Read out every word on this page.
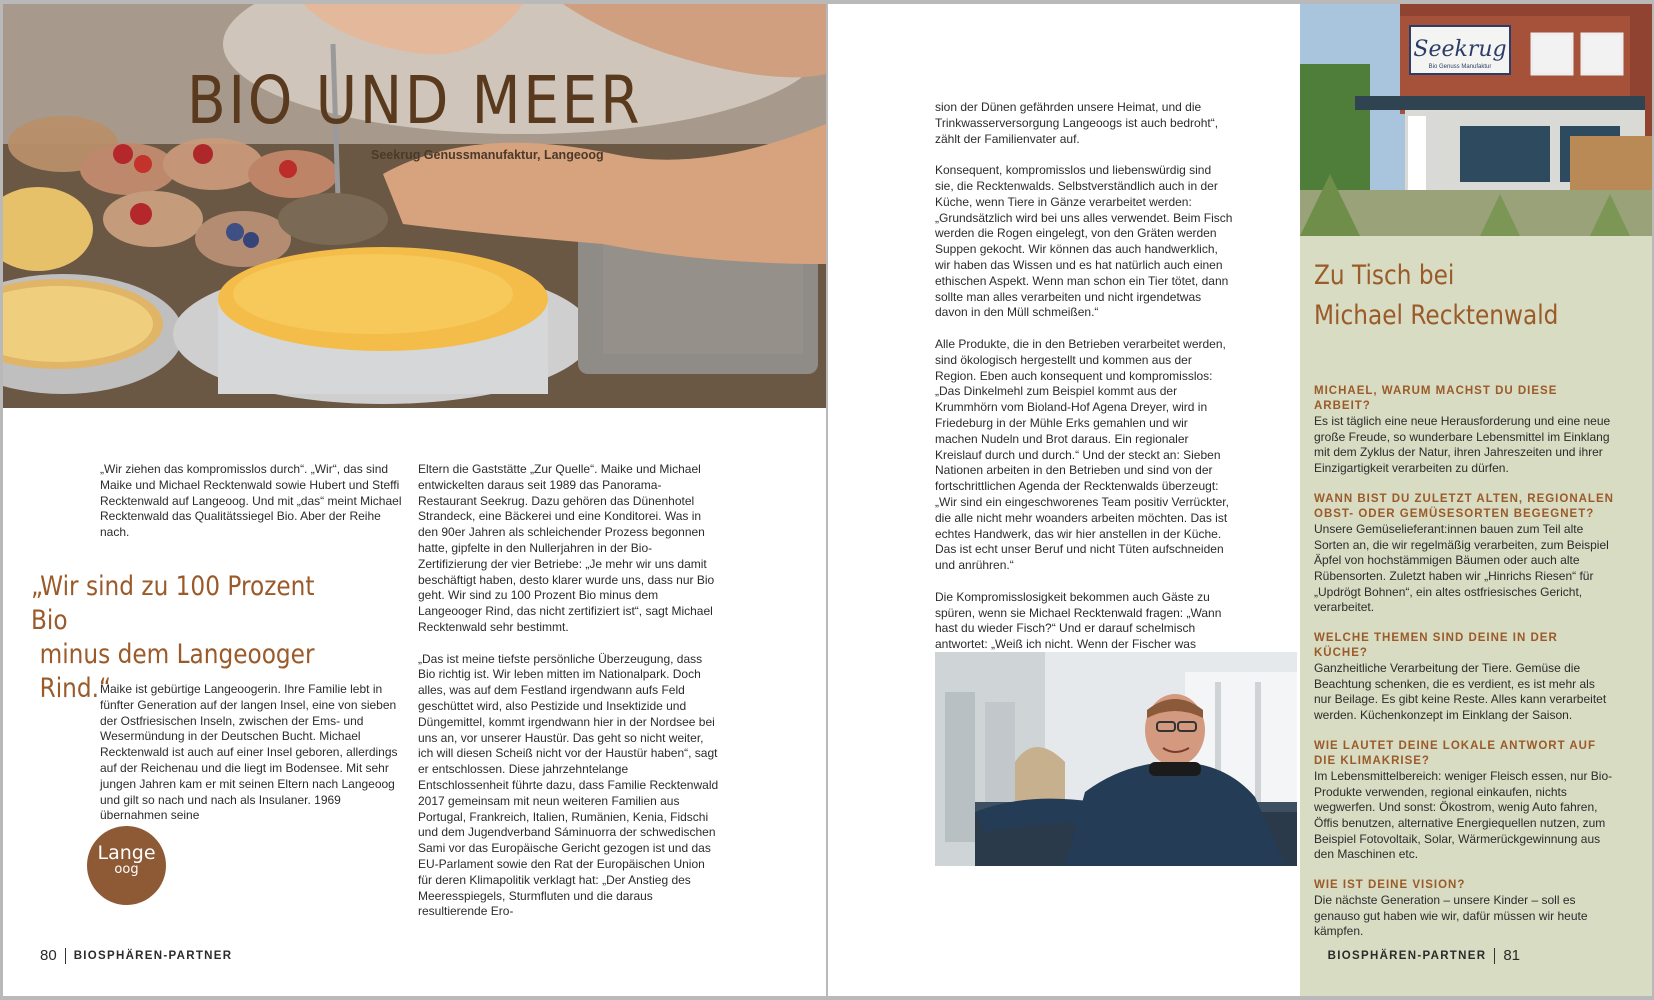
BIO UND MEER
Seekrug Genussmanufaktur, Langeoog

„Wir ziehen das kompromisslos durch“. „Wir“, das sind Maike und Michael Recktenwald sowie Hubert und Steffi Recktenwald auf Langeoog. Und mit „das“ meint Michael Recktenwald das Qualitätssiegel Bio. Aber der Reihe nach.

„Wir sind zu 100 Prozent Bio
minus dem Langeooger Rind.“

Maike ist gebürtige Langeoogerin. Ihre Familie lebt in fünfter Generation auf der langen Insel, eine von sieben der Ostfriesischen Inseln, zwischen der Ems- und Wesermündung in der Deutschen Bucht. Michael Recktenwald ist auch auf einer Insel geboren, allerdings auf der Reichenau und die liegt im Bodensee. Mit sehr jungen Jahren kam er mit seinen Eltern nach Langeoog und gilt so nach und nach als Insulaner. 1969 übernahmen seine

Eltern die Gaststätte „Zur Quelle“. Maike und Michael entwickelten daraus seit 1989 das Panorama-Restaurant Seekrug. Dazu gehören das Dünenhotel Strandeck, eine Bäckerei und eine Konditorei. Was in den 90er Jahren als schleichender Prozess begonnen hatte, gipfelte in den Nullerjahren in der Bio-Zertifizierung der vier Betriebe: „Je mehr wir uns damit beschäftigt haben, desto klarer wurde uns, dass nur Bio geht. Wir sind zu 100 Prozent Bio minus dem Langeooger Rind, das nicht zertifiziert ist“, sagt Michael Recktenwald sehr bestimmt.

„Das ist meine tiefste persönliche Überzeugung, dass Bio richtig ist. Wir leben mitten im Nationalpark. Doch alles, was auf dem Festland irgendwann aufs Feld geschüttet wird, also Pestizide und Insektizide und Düngemittel, kommt irgendwann hier in der Nordsee bei uns an, vor unserer Haustür. Das geht so nicht weiter, ich will diesen Scheiß nicht vor der Haustür haben“, sagt er entschlossen. Diese jahrzehntelange Entschlossenheit führte dazu, dass Familie Recktenwald 2017 gemeinsam mit neun weiteren Familien aus Portugal, Frankreich, Italien, Rumänien, Kenia, Fidschi und dem Jugendverband Sáminuorra der schwedischen Sami vor das Europäische Gericht gezogen ist und das EU-Parlament sowie den Rat der Europäischen Union für deren Klimapolitik verklagt hat: „Der Anstieg des Meeresspiegels, Sturmfluten und die daraus resultierende Ero-

Lange
oog
80 BIOSPHÄREN-PARTNER

sion der Dünen gefährden unsere Heimat, und die Trinkwasserversorgung Langeoogs ist auch bedroht“, zählt der Familienvater auf.

Konsequent, kompromisslos und liebenswürdig sind sie, die Recktenwalds. Selbstverständlich auch in der Küche, wenn Tiere in Gänze verarbeitet werden: „Grundsätzlich wird bei uns alles verwendet. Beim Fisch werden die Rogen eingelegt, von den Gräten werden Suppen gekocht. Wir können das auch handwerklich, wir haben das Wissen und es hat natürlich auch einen ethischen Aspekt. Wenn man schon ein Tier tötet, dann sollte man alles verarbeiten und nicht irgendetwas davon in den Müll schmeißen.“

Alle Produkte, die in den Betrieben verarbeitet werden, sind ökologisch hergestellt und kommen aus der Region. Eben auch konsequent und kompromisslos: „Das Dinkelmehl zum Beispiel kommt aus der Krummhörn vom Bioland-Hof Agena Dreyer, wird in Friedeburg in der Mühle Erks gemahlen und wir machen Nudeln und Brot daraus. Ein regionaler Kreislauf durch und durch.“ Und der steckt an: Sieben Nationen arbeiten in den Betrieben und sind von der fortschrittlichen Agenda der Recktenwalds überzeugt: „Wir sind ein eingeschworenes Team positiv Verrückter, die alle nicht mehr woanders arbeiten möchten. Das ist echtes Handwerk, das wir hier anstellen in der Küche. Das ist echt unser Beruf und nicht Tüten aufschneiden und anrühren.“

Die Kompromisslosigkeit bekommen auch Gäste zu spüren, wenn sie Michael Recktenwald fragen: „Wann hast du wieder Fisch?“ Und er darauf schelmisch antwortet: „Weiß ich nicht. Wenn der Fischer was

Seekrug
Bio Genuss Manufaktur
Zu Tisch bei
Michael Recktenwald
MICHAEL, WARUM MACHST DU DIESE ARBEIT?
Es ist täglich eine neue Herausforderung und eine neue große Freude, so wunderbare Lebensmittel im Einklang mit dem Zyklus der Natur, ihren Jahreszeiten und ihrer Einzigartigkeit verarbeiten zu dürfen.
WANN BIST DU ZULETZT ALTEN, REGIONALEN OBST- ODER GEMÜSESORTEN BEGEGNET?
Unsere Gemüselieferant:innen bauen zum Teil alte Sorten an, die wir regelmäßig verarbeiten, zum Beispiel Äpfel von hochstämmigen Bäumen oder auch alte Rübensorten. Zuletzt haben wir „Hinrichs Riesen“ für „Updrögt Bohnen“, ein altes ostfriesisches Gericht, verarbeitet.
WELCHE THEMEN SIND DEINE IN DER KÜCHE?
Ganzheitliche Verarbeitung der Tiere. Gemüse die Beachtung schenken, die es verdient, es ist mehr als nur Beilage. Es gibt keine Reste. Alles kann verarbeitet werden. Küchenkonzept im Einklang der Saison.
WIE LAUTET DEINE LOKALE ANTWORT AUF DIE KLIMAKRISE?
Im Lebensmittelbereich: weniger Fleisch essen, nur Bio-Produkte verwenden, regional einkaufen, nichts wegwerfen. Und sonst: Ökostrom, wenig Auto fahren, Öffis benutzen, alternative Energiequellen nutzen, zum Beispiel Fotovoltaik, Solar, Wärmerückgewinnung aus den Maschinen etc.
WIE IST DEINE VISION?
Die nächste Generation – unsere Kinder – soll es genauso gut haben wie wir, dafür müssen wir heute kämpfen.
BIOSPHÄREN-PARTNER 81
